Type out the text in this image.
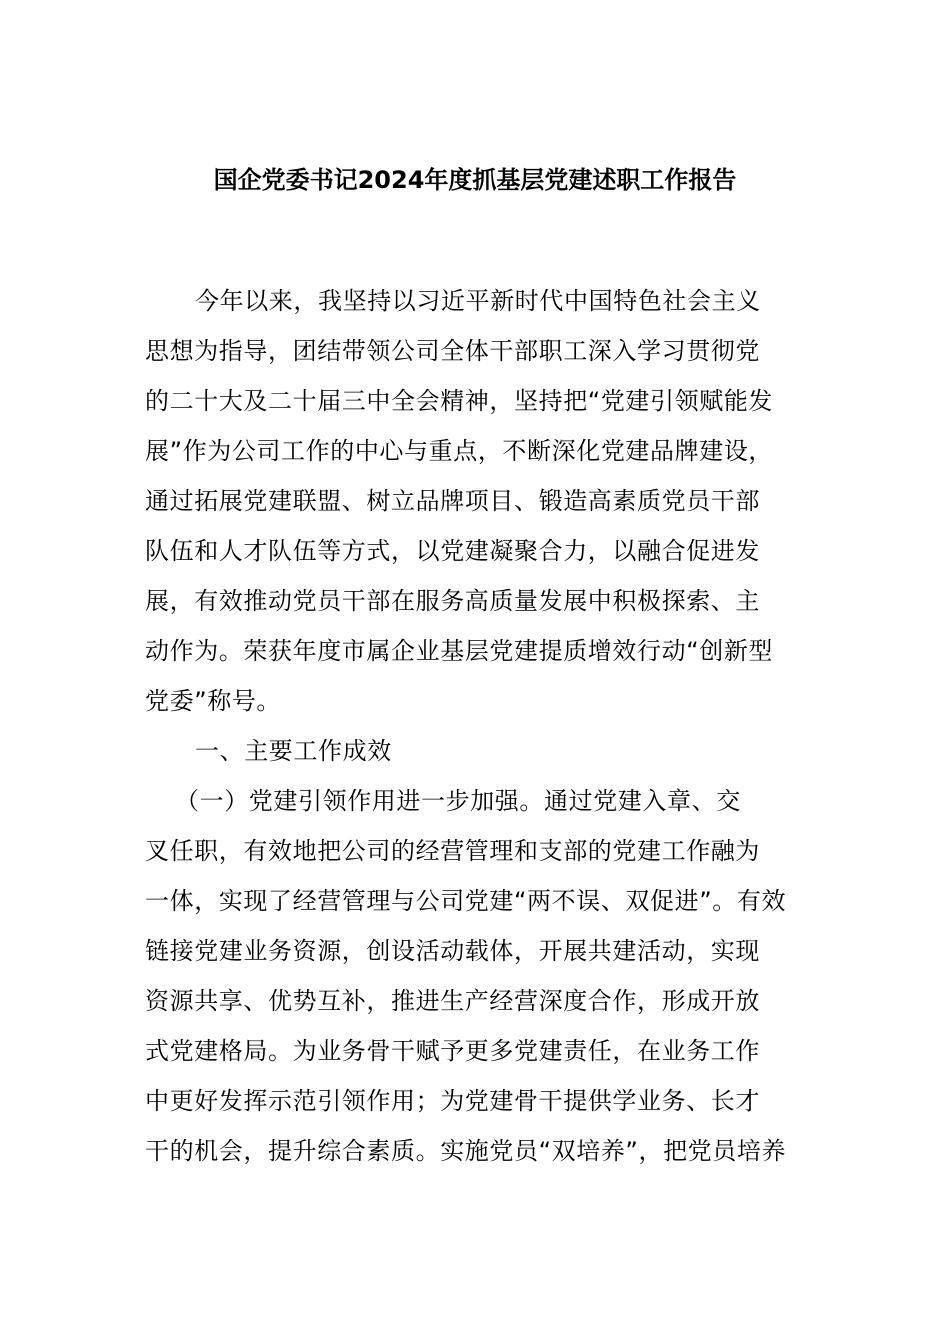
国企党委书记2024年度抓基层党建述职工作报告
今年以来，我坚持以习近平新时代中国特色社会主义
思想为指导，团结带领公司全体干部职工深入学习贯彻党
的二十大及二十届三中全会精神，坚持把“党建引领赋能发
展”作为公司工作的中心与重点，不断深化党建品牌建设，
通过拓展党建联盟、树立品牌项目、锻造高素质党员干部
队伍和人才队伍等方式，以党建凝聚合力，以融合促进发
展，有效推动党员干部在服务高质量发展中积极探索、主
动作为。荣获年度市属企业基层党建提质增效行动“创新型
党委”称号。
一、主要工作成效
（一）党建引领作用进一步加强。通过党建入章、交
叉任职，有效地把公司的经营管理和支部的党建工作融为
一体，实现了经营管理与公司党建“两不误、双促进”。有效
链接党建业务资源，创设活动载体，开展共建活动，实现
资源共享、优势互补，推进生产经营深度合作，形成开放
式党建格局。为业务骨干赋予更多党建责任，在业务工作
中更好发挥示范引领作用；为党建骨干提供学业务、长才
干的机会，提升综合素质。实施党员“双培养”，把党员培养
